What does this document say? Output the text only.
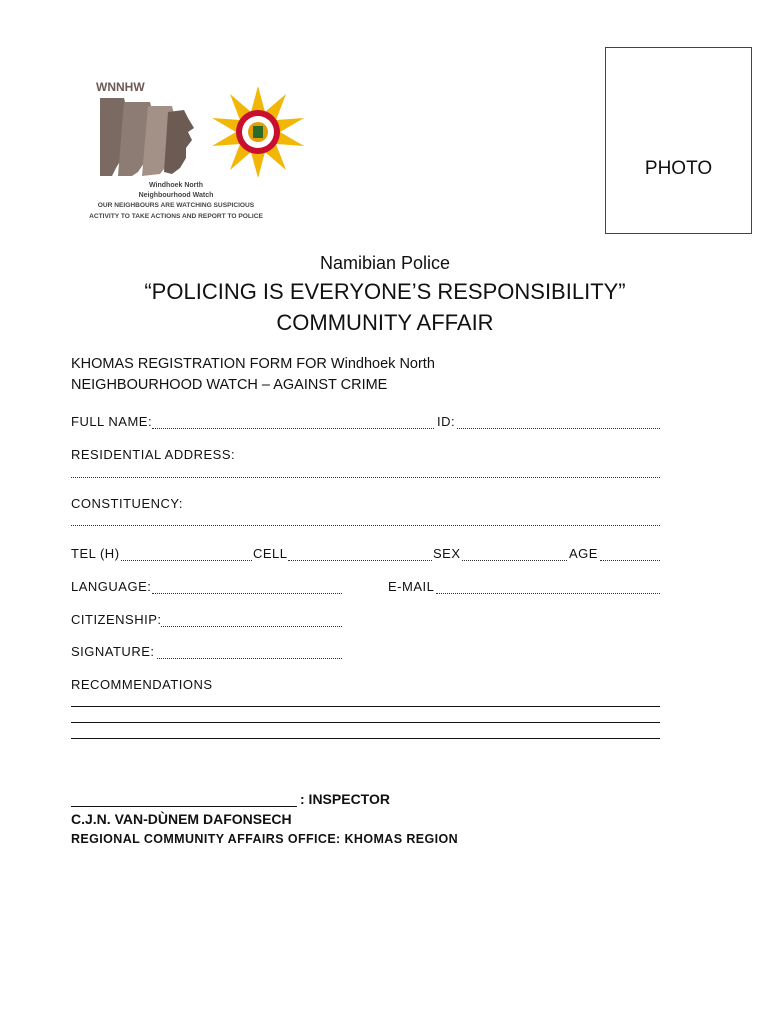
PHOTO
WNNHW
Windhoek North
Neighbourhood Watch
OUR NEIGHBOURS ARE WATCHING SUSPICIOUS
ACTIVITY TO TAKE ACTIONS AND REPORT TO POLICE
Namibian Police
“POLICING IS EVERYONE’S RESPONSIBILITY”
COMMUNITY AFFAIR
KHOMAS REGISTRATION FORM FOR Windhoek North
NEIGHBOURHOOD WATCH – AGAINST CRIME
FULL NAME:	ID:
RESIDENTIAL ADDRESS:
CONSTITUENCY:
TEL (H)	CELL	SEX	AGE
LANGUAGE:	E-MAIL
CITIZENSHIP:
SIGNATURE:
RECOMMENDATIONS
: INSPECTOR
C.J.N. VAN-DÙNEM DAFONSECH
REGIONAL COMMUNITY AFFAIRS OFFICE: KHOMAS REGION
